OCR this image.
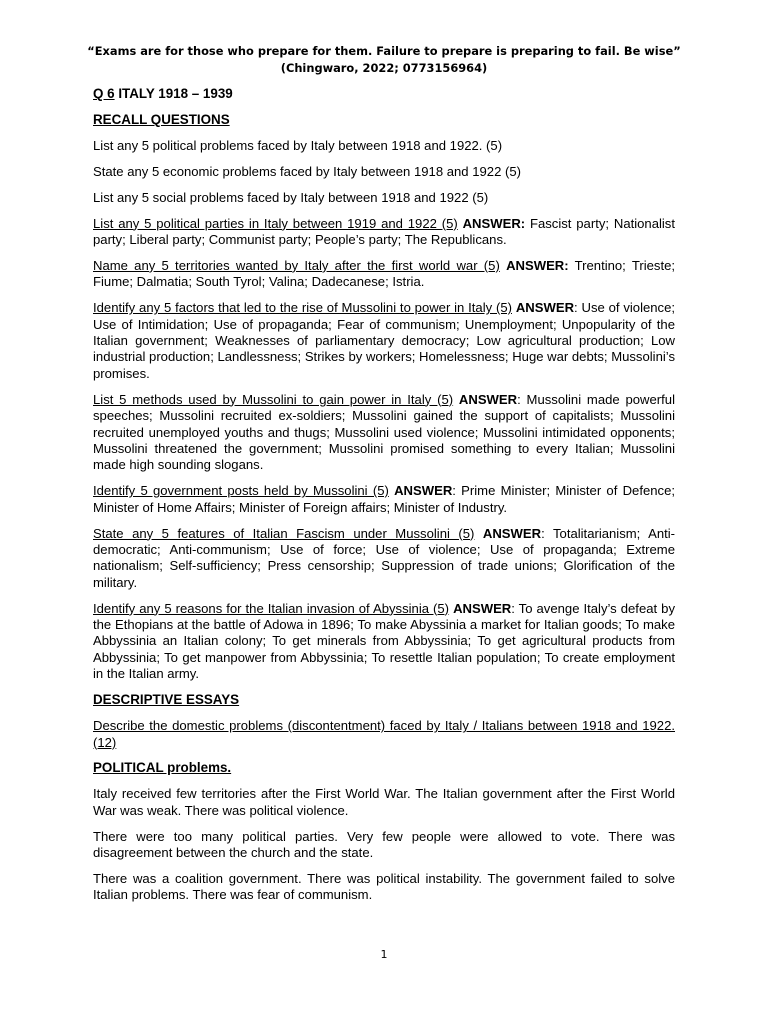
“Exams are for those who prepare for them. Failure to prepare is preparing to fail. Be wise”
(Chingwaro, 2022; 0773156964)

Q 6 ITALY 1918 – 1939

RECALL QUESTIONS

List any 5 political problems faced by Italy between 1918 and 1922. (5)

State any 5 economic problems faced by Italy between 1918 and 1922 (5)

List any 5 social problems faced by Italy between 1918 and 1922 (5)

List any 5 political parties in Italy between 1919 and 1922 (5) ANSWER: Fascist party; Nationalist party; Liberal party; Communist party; People’s party; The Republicans.

Name any 5 territories wanted by Italy after the first world war (5) ANSWER: Trentino; Trieste; Fiume; Dalmatia; South Tyrol; Valina; Dadecanese; Istria.

Identify any 5 factors that led to the rise of Mussolini to power in Italy (5) ANSWER: Use of violence; Use of Intimidation; Use of propaganda; Fear of communism; Unemployment; Unpopularity of the Italian government; Weaknesses of parliamentary democracy; Low agricultural production; Low industrial production; Landlessness; Strikes by workers; Homelessness; Huge war debts; Mussolini’s promises.

List 5 methods used by Mussolini to gain power in Italy (5) ANSWER: Mussolini made powerful speeches; Mussolini recruited ex-soldiers; Mussolini gained the support of capitalists; Mussolini recruited unemployed youths and thugs; Mussolini used violence; Mussolini intimidated opponents; Mussolini threatened the government; Mussolini promised something to every Italian; Mussolini made high sounding slogans.

Identify 5 government posts held by Mussolini (5) ANSWER: Prime Minister; Minister of Defence; Minister of Home Affairs; Minister of Foreign affairs; Minister of Industry.

State any 5 features of Italian Fascism under Mussolini (5) ANSWER: Totalitarianism; Anti-democratic; Anti-communism; Use of force; Use of violence; Use of propaganda; Extreme nationalism; Self-sufficiency; Press censorship; Suppression of trade unions; Glorification of the military.

Identify any 5 reasons for the Italian invasion of Abyssinia (5) ANSWER: To avenge Italy’s defeat by the Ethopians at the battle of Adowa in 1896; To make Abyssinia a market for Italian goods; To make Abbyssinia an Italian colony; To get minerals from Abbyssinia; To get agricultural products from Abbyssinia; To get manpower from Abbyssinia; To resettle Italian population; To create employment in the Italian army.

DESCRIPTIVE ESSAYS

Describe the domestic problems (discontentment) faced by Italy / Italians between 1918 and 1922. (12)

POLITICAL problems.

Italy received few territories after the First World War. The Italian government after the First World War was weak. There was political violence.

There were too many political parties. Very few people were allowed to vote. There was disagreement between the church and the state.

There was a coalition government. There was political instability. The government failed to solve Italian problems. There was fear of communism.

1
